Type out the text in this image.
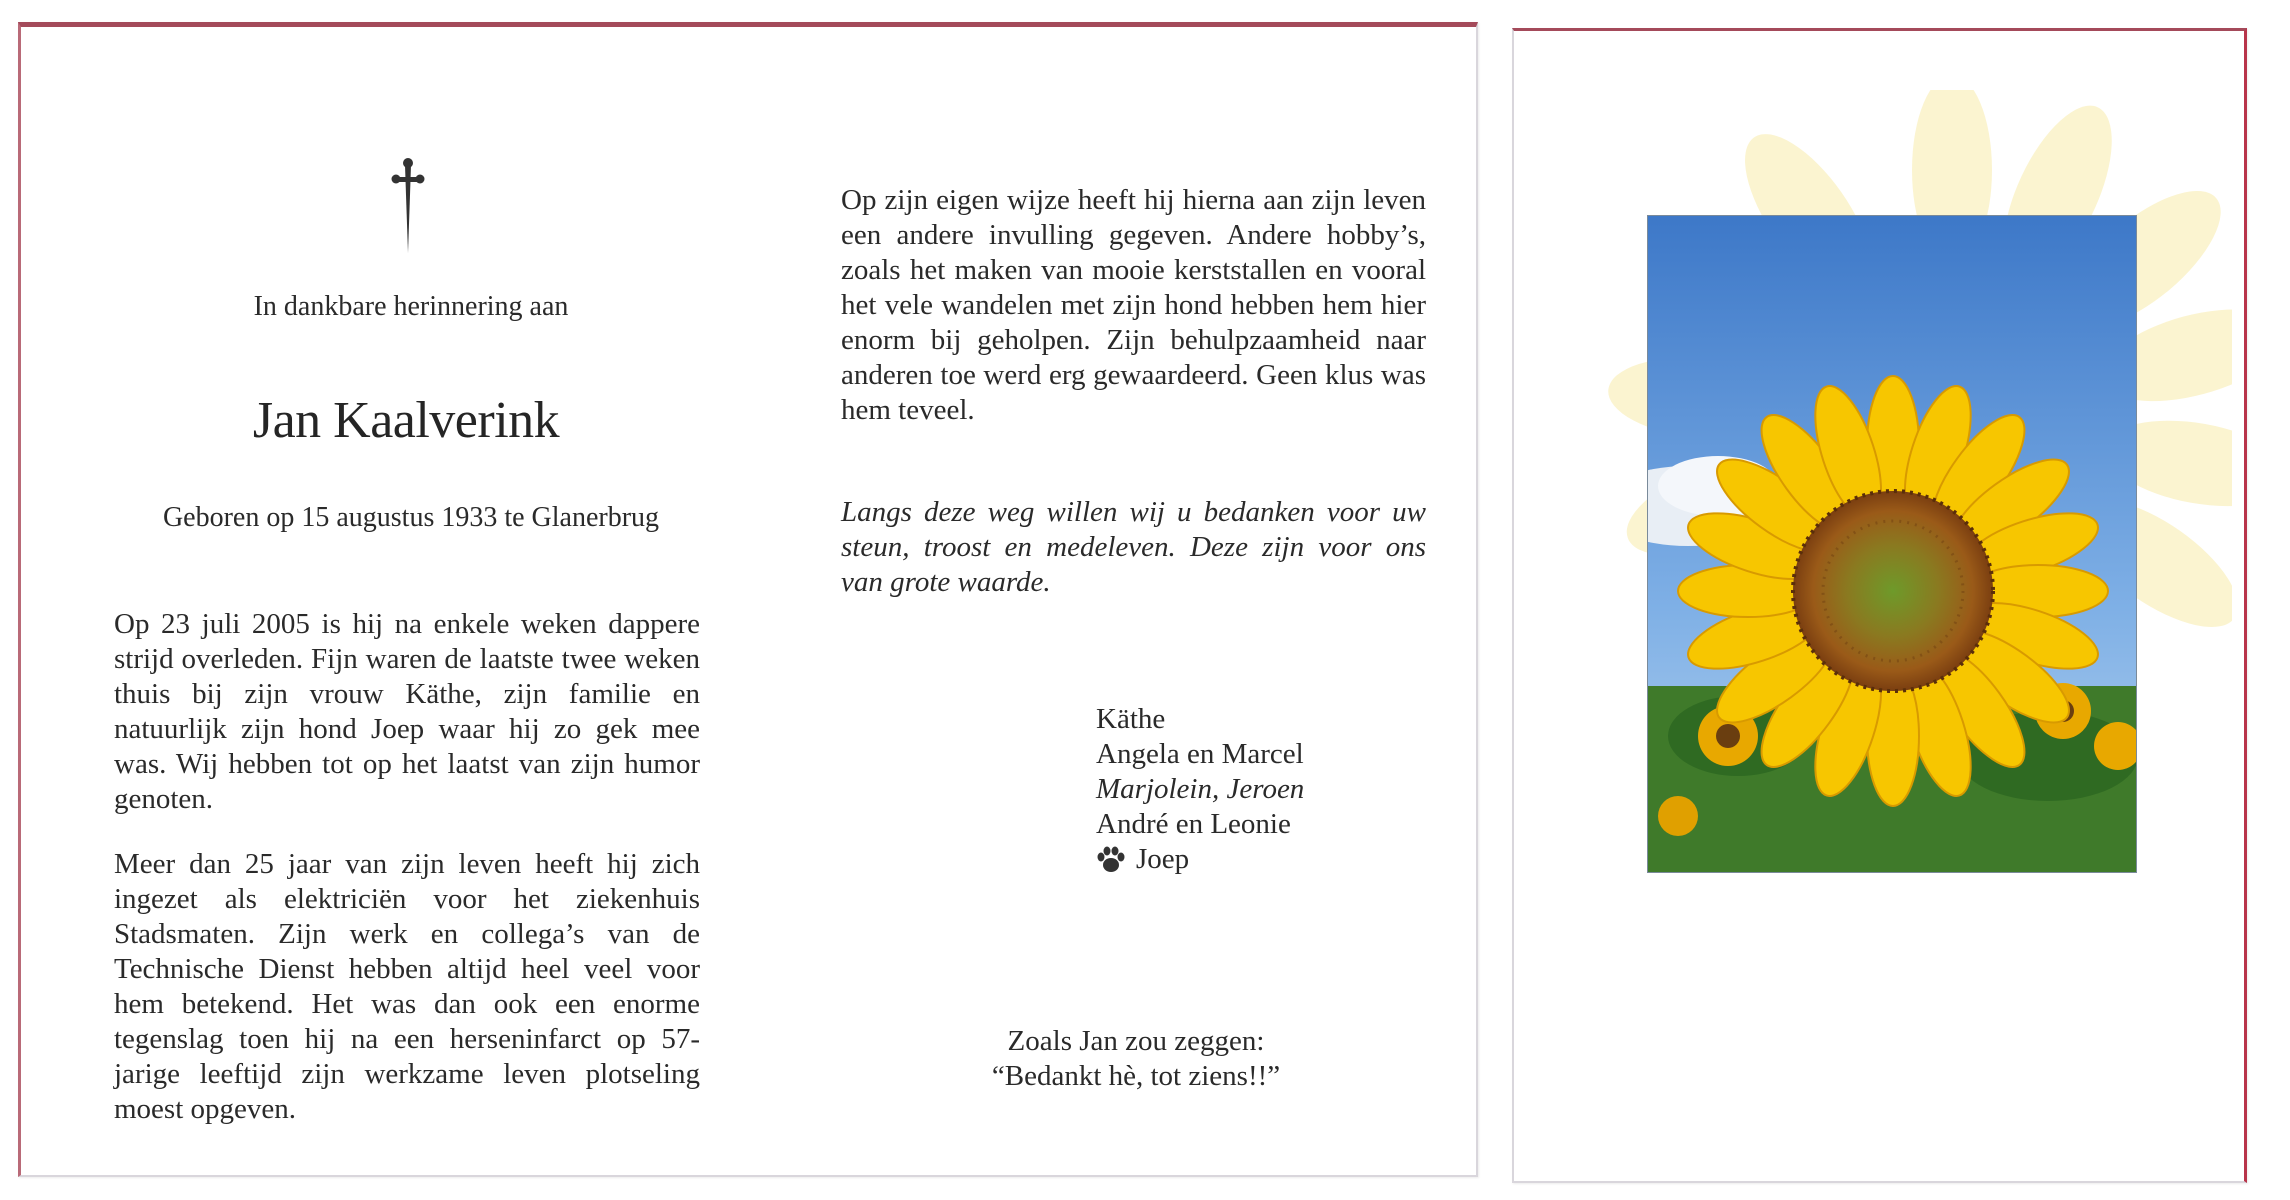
In dankbare herinnering aan
Jan Kaalverink
Geboren op 15 augustus 1933 te Glanerbrug
Op 23 juli 2005 is hij na enkele weken dappere strijd overleden. Fijn waren de laatste twee weken thuis bij zijn vrouw Käthe, zijn familie en natuurlijk zijn hond Joep waar hij zo gek mee was. Wij hebben tot op het laatst van zijn humor genoten.
Meer dan 25 jaar van zijn leven heeft hij zich ingezet als elektriciën voor het ziekenhuis Stadsmaten. Zijn werk en collega’s van de Technische Dienst hebben altijd heel veel voor hem betekend. Het was dan ook een enorme tegenslag toen hij na een herseninfarct op 57-jarige leeftijd zijn werkzame leven plotseling moest opgeven.
Op zijn eigen wijze heeft hij hierna aan zijn leven een andere invulling gegeven. Andere hobby’s, zoals het maken van mooie kerststallen en vooral het vele wandelen met zijn hond hebben hem hier enorm bij geholpen. Zijn behulpzaamheid naar anderen toe werd erg gewaardeerd. Geen klus was hem teveel.
Langs deze weg willen wij u bedanken voor uw steun, troost en medeleven. Deze zijn voor ons van grote waarde.
Käthe
Angela en Marcel
Marjolein, Jeroen
André en Leonie
Joep
Zoals Jan zou zeggen:
“Bedankt hè, tot ziens!!”
